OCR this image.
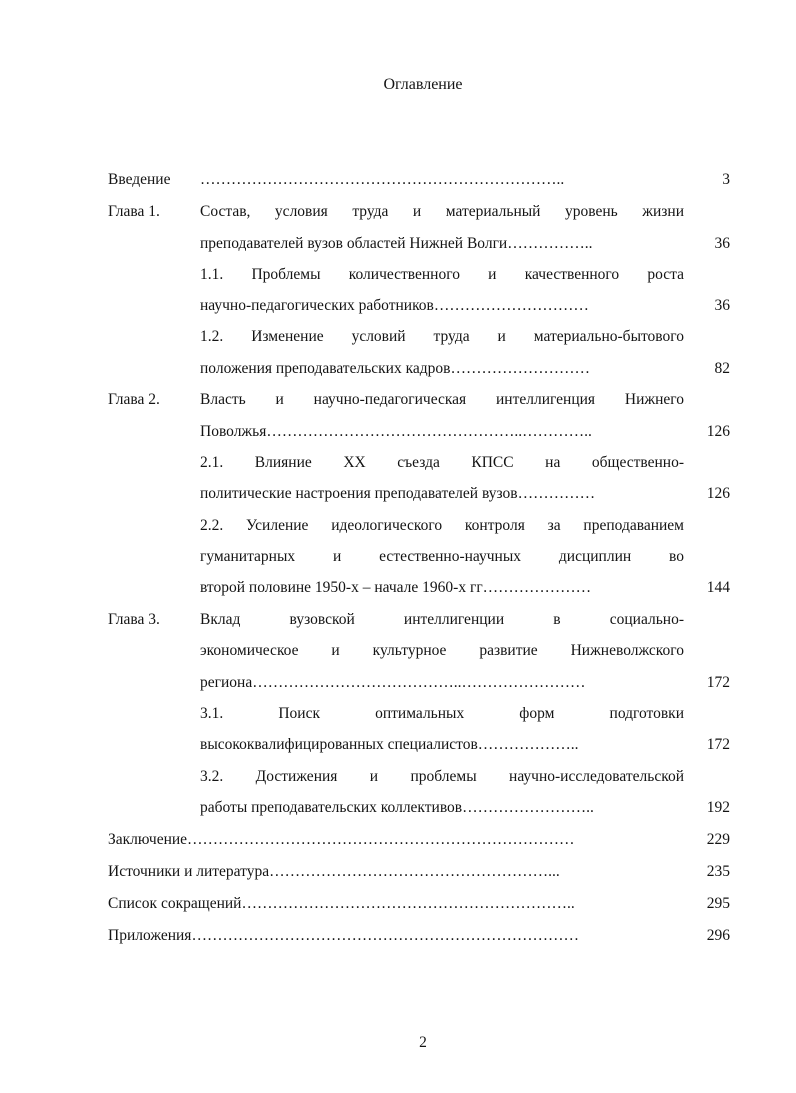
Оглавление
Введение ……………………………………………………………..	3
Глава 1.	Состав, условия труда и материальный уровень жизни
преподавателей вузов областей Нижней Волги……………..	36
1.1. Проблемы количественного и качественного роста
научно-педагогических работников…………………………	36
1.2. Изменение условий труда и материально-бытового
положения преподавательских кадров………………………	82
Глава 2.	Власть и научно-педагогическая интеллигенция Нижнего
Поволжья…………………………………………..…………..	126
2.1. Влияние XX съезда КПСС на общественно-
политические настроения преподавателей вузов……………	126
2.2. Усиление идеологического контроля за преподаванием
гуманитарных и естественно-научных дисциплин во
второй половине 1950-х – начале 1960-х гг…………………	144
Глава 3.	Вклад вузовской интеллигенции в социально-
экономическое и культурное развитие Нижневолжского
региона…………………………………..……………………	172
3.1. Поиск оптимальных форм подготовки
высококвалифицированных специалистов………………..	172
3.2. Достижения и проблемы научно-исследовательской
работы преподавательских коллективов……………………..	192
Заключение…………………………………………………………………	229
Источники и литература………………………………………………...	235
Список сокращений………………………………………………………..	295
Приложения…………………………………………………………………	296
2
